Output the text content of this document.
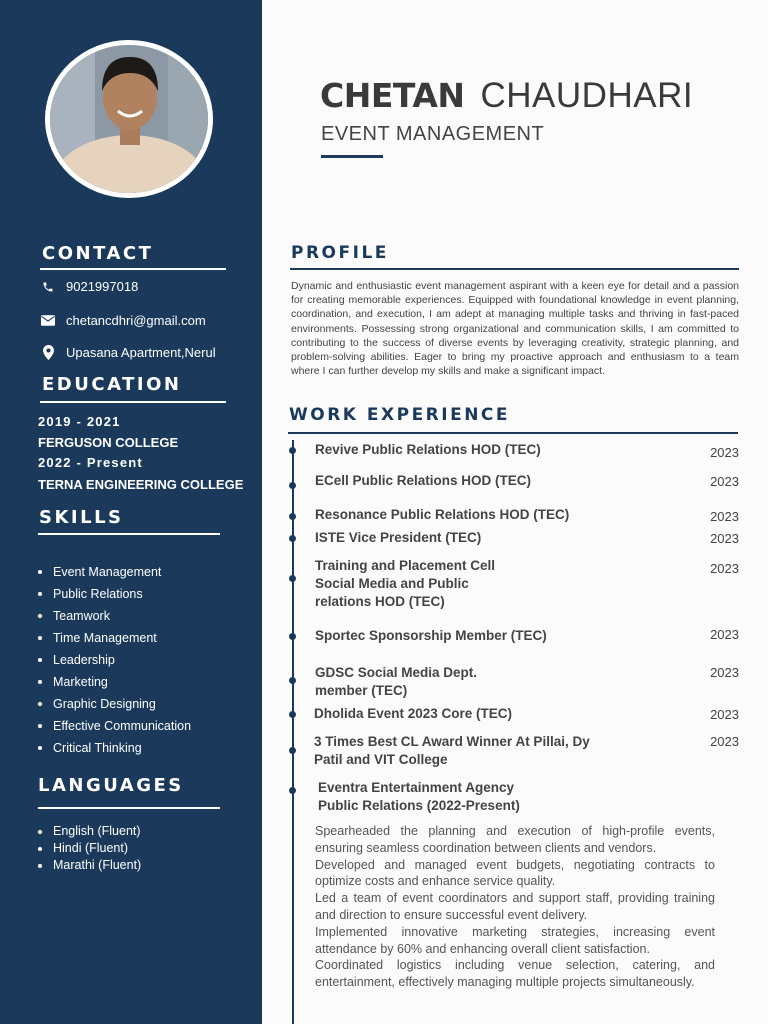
CONTACT
9021997018
chetancdhri@gmail.com
Upasana Apartment,Nerul
EDUCATION

2019 - 2021

FERGUSON COLLEGE

2022 - Present

TERNA ENGINEERING COLLEGE

SKILLS
Event Management
Public Relations
Teamwork
Time Management
Leadership
Marketing
Graphic Designing
Effective Communication
Critical Thinking
LANGUAGES
English (Fluent)
Hindi (Fluent)
Marathi (Fluent)
CHETAN CHAUDHARI

EVENT MANAGEMENT

PROFILE

Dynamic and enthusiastic event management aspirant with a keen eye for detail and a passion for creating memorable experiences. Equipped with foundational knowledge in event planning, coordination, and execution, I am adept at managing multiple tasks and thriving in fast-paced environments. Possessing strong organizational and communication skills, I am committed to contributing to the success of diverse events by leveraging creativity, strategic planning, and problem-solving abilities. Eager to bring my proactive approach and enthusiasm to a team where I can further develop my skills and make a significant impact.

WORK EXPERIENCE

Revive Public Relations HOD (TEC)	2023

ECell Public Relations HOD (TEC)	2023

Resonance Public Relations HOD (TEC)	2023

ISTE Vice President (TEC)	2023

Training and Placement Cell
Social Media and Public
relations HOD (TEC)

2023

Sportec Sponsorship Member (TEC)	2023

GDSC Social Media Dept.
member (TEC)

2023

Dholida Event 2023 Core (TEC)	2023

3 Times Best CL Award Winner At Pillai, Dy
Patil and VIT College

2023

Eventra Entertainment Agency
Public Relations (2022-Present)

Spearheaded the planning and execution of high-profile events, ensuring seamless coordination between clients and vendors.

Developed and managed event budgets, negotiating contracts to optimize costs and enhance service quality.

Led a team of event coordinators and support staff, providing training and direction to ensure successful event delivery.

Implemented innovative marketing strategies, increasing event attendance by 60% and enhancing overall client satisfaction.

Coordinated logistics including venue selection, catering, and entertainment, effectively managing multiple projects simultaneously.
